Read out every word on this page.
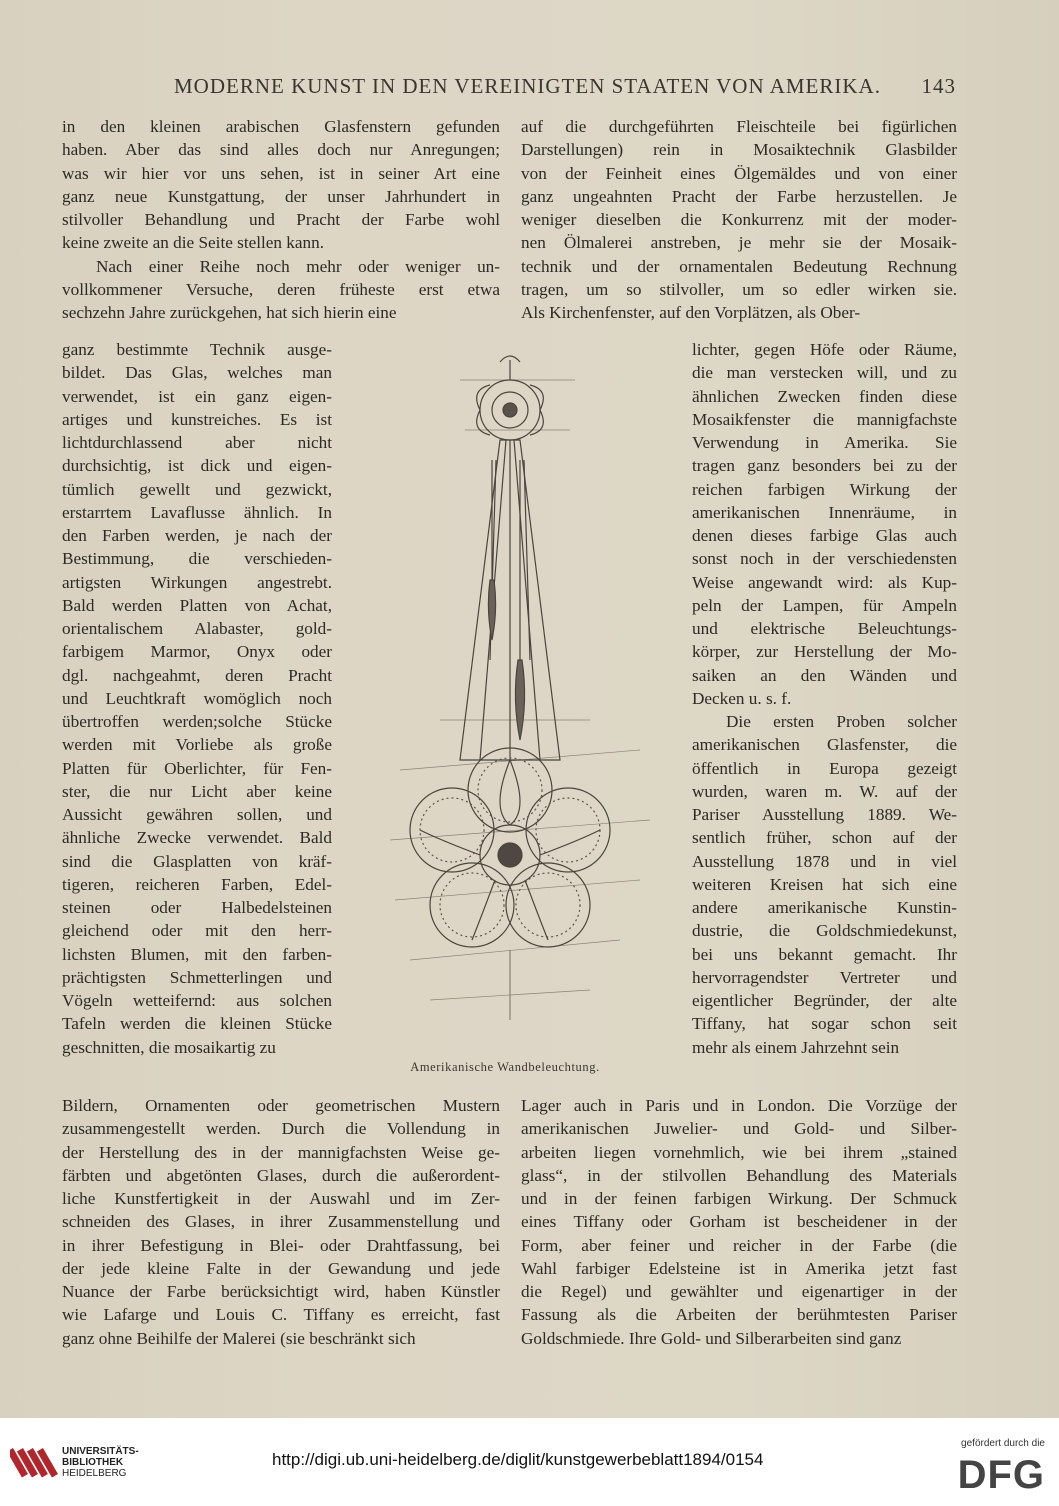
MODERNE KUNST IN DEN VEREINIGTEN STAATEN VON AMERIKA. 143
in den kleinen arabischen Glasfenstern gefunden
haben. Aber das sind alles doch nur Anregungen;
was wir hier vor uns sehen, ist in seiner Art eine
ganz neue Kunstgattung, der unser Jahrhundert in
stilvoller Behandlung und Pracht der Farbe wohl
keine zweite an die Seite stellen kann.
Nach einer Reihe noch mehr oder weniger un-
vollkommener Versuche, deren früheste erst etwa
sechzehn Jahre zurückgehen, hat sich hierin eine
ganz bestimmte Technik ausge-
bildet. Das Glas, welches man
verwendet, ist ein ganz eigen-
artiges und kunstreiches. Es ist
lichtdurchlassend aber nicht
durchsichtig, ist dick und eigen-
tümlich gewellt und gezwickt,
erstarrtem Lavaflusse ähnlich. In
den Farben werden, je nach der
Bestimmung, die verschieden-
artigsten Wirkungen angestrebt.
Bald werden Platten von Achat,
orientalischem Alabaster, gold-
farbigem Marmor, Onyx oder
dgl. nachgeahmt, deren Pracht
und Leuchtkraft womöglich noch
übertroffen werden;solche Stücke
werden mit Vorliebe als große
Platten für Oberlichter, für Fen-
ster, die nur Licht aber keine
Aussicht gewähren sollen, und
ähnliche Zwecke verwendet. Bald
sind die Glasplatten von kräf-
tigeren, reicheren Farben, Edel-
steinen oder Halbedelsteinen
gleichend oder mit den herr-
lichsten Blumen, mit den farben-
prächtigsten Schmetterlingen und
Vögeln wetteifernd: aus solchen
Tafeln werden die kleinen Stücke
geschnitten, die mosaikartig zu
Bildern, Ornamenten oder geometrischen Mustern
zusammengestellt werden. Durch die Vollendung in
der Herstellung des in der mannigfachsten Weise ge-
färbten und abgetönten Glases, durch die außerordent-
liche Kunstfertigkeit in der Auswahl und im Zer-
schneiden des Glases, in ihrer Zusammenstellung und
in ihrer Befestigung in Blei- oder Drahtfassung, bei
der jede kleine Falte in der Gewandung und jede
Nuance der Farbe berücksichtigt wird, haben Künstler
wie Lafarge und Louis C. Tiffany es erreicht, fast
ganz ohne Beihilfe der Malerei (sie beschränkt sich
auf die durchgeführten Fleischteile bei figürlichen
Darstellungen) rein in Mosaiktechnik Glasbilder
von der Feinheit eines Ölgemäldes und von einer
ganz ungeahnten Pracht der Farbe herzustellen. Je
weniger dieselben die Konkurrenz mit der moder-
nen Ölmalerei anstreben, je mehr sie der Mosaik-
technik und der ornamentalen Bedeutung Rechnung
tragen, um so stilvoller, um so edler wirken sie.
Als Kirchenfenster, auf den Vorplätzen, als Ober-
lichter, gegen Höfe oder Räume,
die man verstecken will, und zu
ähnlichen Zwecken finden diese
Mosaikfenster die mannigfachste
Verwendung in Amerika. Sie
tragen ganz besonders bei zu der
reichen farbigen Wirkung der
amerikanischen Innenräume, in
denen dieses farbige Glas auch
sonst noch in der verschiedensten
Weise angewandt wird: als Kup-
peln der Lampen, für Ampeln
und elektrische Beleuchtungs-
körper, zur Herstellung der Mo-
saiken an den Wänden und
Decken u. s. f.
Die ersten Proben solcher
amerikanischen Glasfenster, die
öffentlich in Europa gezeigt
wurden, waren m. W. auf der
Pariser Ausstellung 1889. We-
sentlich früher, schon auf der
Ausstellung 1878 und in viel
weiteren Kreisen hat sich eine
andere amerikanische Kunstin-
dustrie, die Goldschmiedekunst,
bei uns bekannt gemacht. Ihr
hervorragendster Vertreter und
eigentlicher Begründer, der alte
Tiffany, hat sogar schon seit
mehr als einem Jahrzehnt sein
Lager auch in Paris und in London. Die Vorzüge der
amerikanischen Juwelier- und Gold- und Silber-
arbeiten liegen vornehmlich, wie bei ihrem „stained
glass“, in der stilvollen Behandlung des Materials
und in der feinen farbigen Wirkung. Der Schmuck
eines Tiffany oder Gorham ist bescheidener in der
Form, aber feiner und reicher in der Farbe (die
Wahl farbiger Edelsteine ist in Amerika jetzt fast
die Regel) und gewählter und eigenartiger in der
Fassung als die Arbeiten der berühmtesten Pariser
Goldschmiede. Ihre Gold- und Silberarbeiten sind ganz
Amerikanische Wandbeleuchtung.
UNIVERSITÄTS-
BIBLIOTHEK
HEIDELBERG
http://digi.ub.uni-heidelberg.de/diglit/kunstgewerbeblatt1894/0154
gefördert durch die
DFG
